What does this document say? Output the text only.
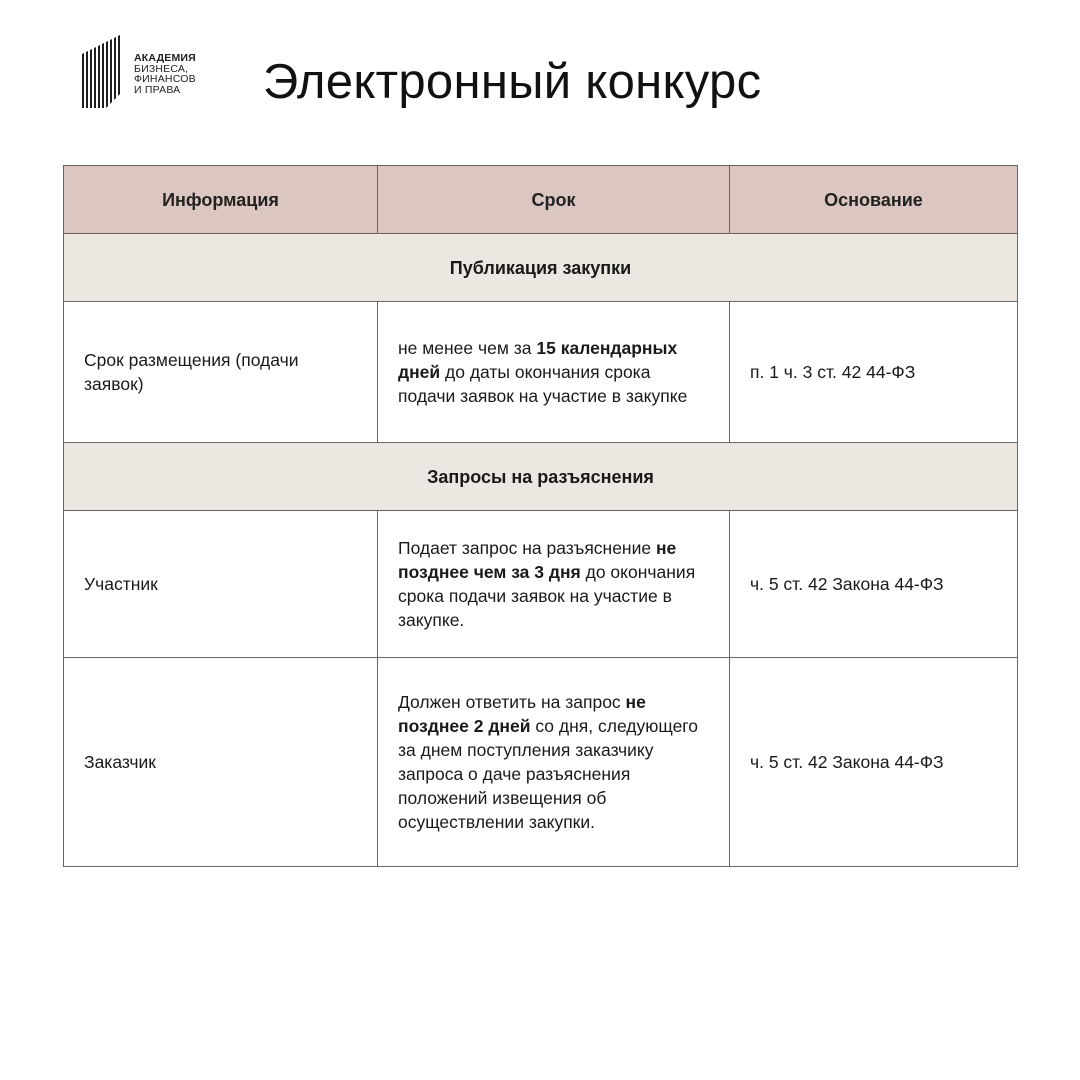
АКАДЕМИЯ
БИЗНЕСА,
ФИНАНСОВ
И ПРАВА	Электронный конкурс
Информация	Срок	Основание
Публикация закупки		
Срок размещения (подачи заявок)	не менее чем за 15 календарных дней до даты окончания срока подачи заявок на участие в закупке	п. 1 ч. 3 ст. 42 44-ФЗ
Запросы на разъяснения		
Участник	Подает запрос на разъяснение не позднее чем за 3 дня до окончания срока подачи заявок на участие в закупке.	ч. 5 ст. 42 Закона 44-ФЗ
Заказчик	Должен ответить на запрос не позднее 2 дней со дня, следующего за днем поступления заказчику запроса о даче разъяснения положений извещения об осуществлении закупки.	ч. 5 ст. 42 Закона 44-ФЗ
